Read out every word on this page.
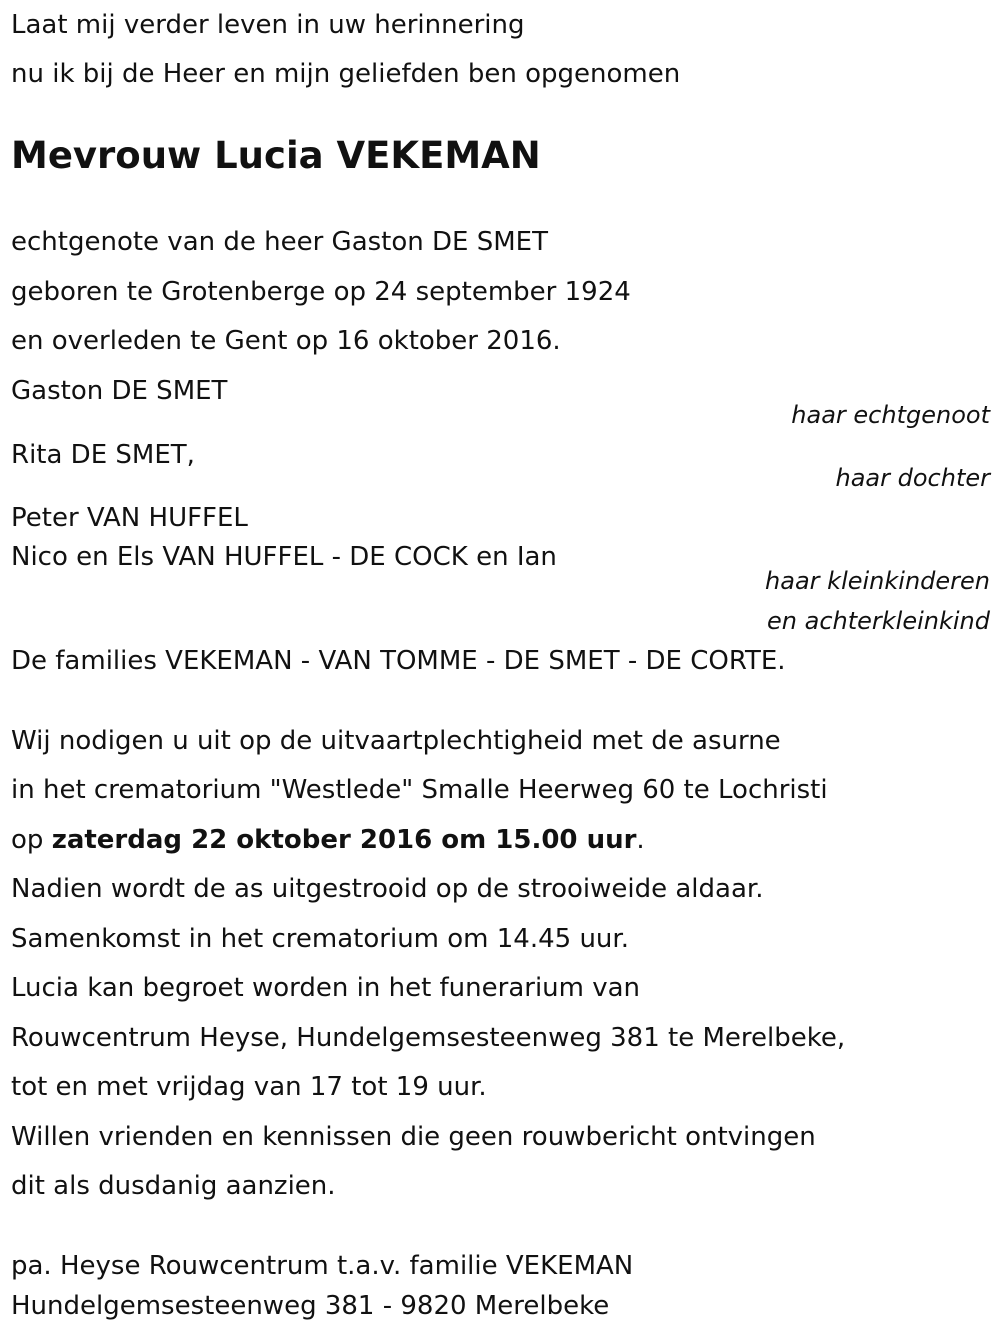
Laat mij verder leven in uw herinnering
nu ik bij de Heer en mijn geliefden ben opgenomen
Mevrouw Lucia VEKEMAN
echtgenote van de heer Gaston DE SMET
geboren te Grotenberge op 24 september 1924
en overleden te Gent op 16 oktober 2016.
Gaston DE SMET
haar echtgenoot
Rita DE SMET,
haar dochter
Peter VAN HUFFEL
Nico en Els VAN HUFFEL - DE COCK en Ian
haar kleinkinderen
en achterkleinkind
De families VEKEMAN - VAN TOMME - DE SMET - DE CORTE.
Wij nodigen u uit op de uitvaartplechtigheid met de asurne
in het crematorium "Westlede" Smalle Heerweg 60 te Lochristi
op zaterdag 22 oktober 2016 om 15.00 uur.
Nadien wordt de as uitgestrooid op de strooiweide aldaar.
Samenkomst in het crematorium om 14.45 uur.
Lucia kan begroet worden in het funerarium van
Rouwcentrum Heyse, Hundelgemsesteenweg 381 te Merelbeke,
tot en met vrijdag van 17 tot 19 uur.
Willen vrienden en kennissen die geen rouwbericht ontvingen
dit als dusdanig aanzien.
pa. Heyse Rouwcentrum t.a.v. familie VEKEMAN
Hundelgemsesteenweg 381 - 9820 Merelbeke
